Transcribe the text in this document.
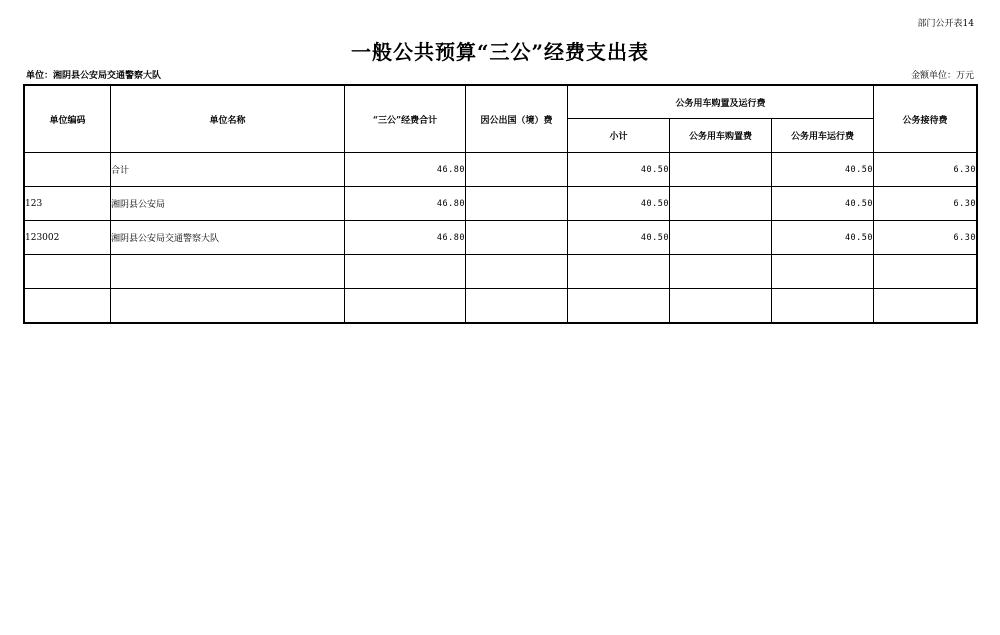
部门公开表14
一般公共预算“三公”经费支出表
单位：湘阴县公安局交通警察大队	金额单位：万元
单位编码	单位名称	“三公”经费合计	因公出国（境）费	公务用车购置及运行费			公务接待费
				小计	公务用车购置费	公务用车运行费	
	合计	46.80		40.50		40.50	6.30
123	湘阴县公安局	46.80		40.50		40.50	6.30
123002	湘阴县公安局交通警察大队	46.80		40.50		40.50	6.30
